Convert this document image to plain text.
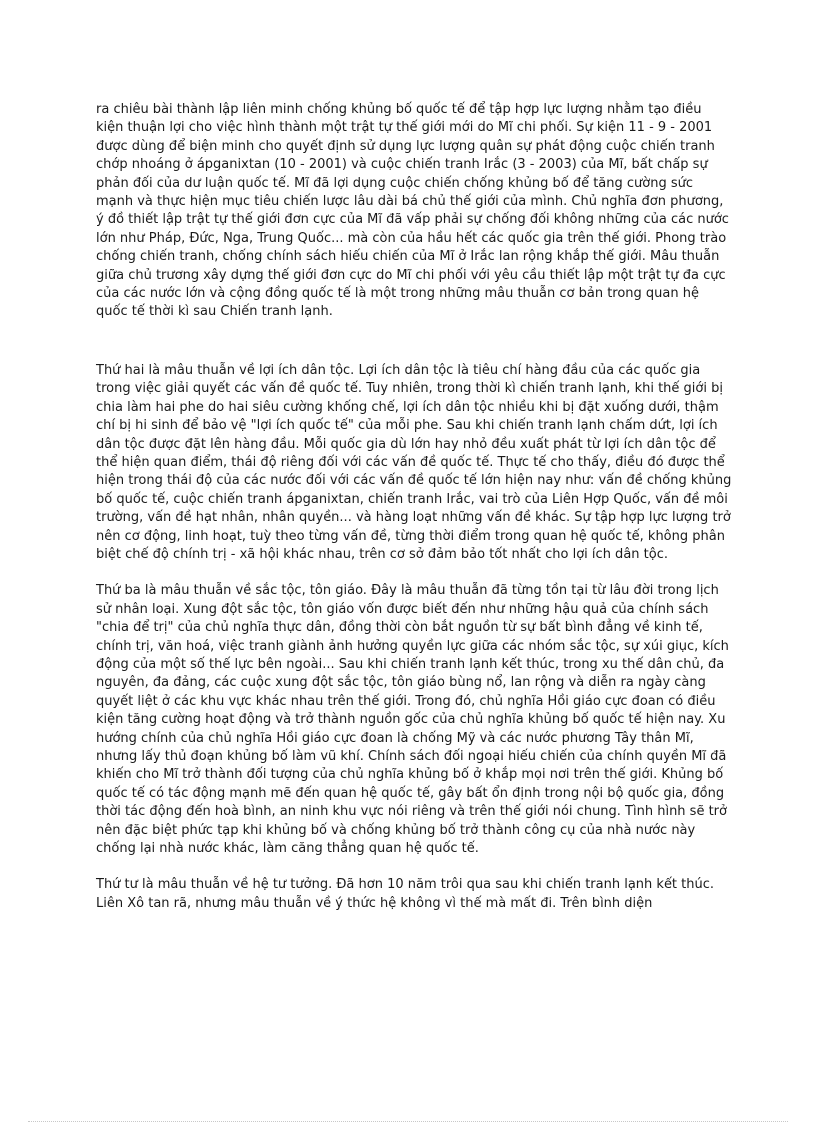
ra chiêu bài thành lập liên minh chống khủng bố quốc tế để tập hợp lực lượng nhằm tạo điều kiện thuận lợi cho việc hình thành một trật tự thế giới mới do Mĩ chi phối. Sự kiện 11 - 9 - 2001 được dùng để biện minh cho quyết định sử dụng lực lượng quân sự phát động cuộc chiến tranh chớp nhoáng ở ápganixtan (10 - 2001) và cuộc chiến tranh Irắc (3 - 2003) của Mĩ, bất chấp sự phản đối của dư luận quốc tế. Mĩ đã lợi dụng cuộc chiến chống khủng bố để tăng cường sức mạnh và thực hiện mục tiêu chiến lược lâu dài bá chủ thế giới của mình. Chủ nghĩa đơn phương, ý đồ thiết lập trật tự thế giới đơn cực của Mĩ đã vấp phải sự chống đối không những của các nước lớn như Pháp, Đức, Nga, Trung Quốc... mà còn của hầu hết các quốc gia trên thế giới. Phong trào chống chiến tranh, chống chính sách hiếu chiến của Mĩ ở Irắc lan rộng khắp thế giới. Mâu thuẫn giữa chủ trương xây dựng thế giới đơn cực do Mĩ chi phối với yêu cầu thiết lập một trật tự đa cực của các nước lớn và cộng đồng quốc tế là một trong những mâu thuẫn cơ bản trong quan hệ quốc tế thời kì sau Chiến tranh lạnh.

Thứ hai là mâu thuẫn về lợi ích dân tộc. Lợi ích dân tộc là tiêu chí hàng đầu của các quốc gia trong việc giải quyết các vấn đề quốc tế. Tuy nhiên, trong thời kì chiến tranh lạnh, khi thế giới bị chia làm hai phe do hai siêu cường khống chế, lợi ích dân tộc nhiều khi bị đặt xuống dưới, thậm chí bị hi sinh để bảo vệ "lợi ích quốc tế" của mỗi phe. Sau khi chiến tranh lạnh chấm dứt, lợi ích dân tộc được đặt lên hàng đầu. Mỗi quốc gia dù lớn hay nhỏ đều xuất phát từ lợi ích dân tộc để thể hiện quan điểm, thái độ riêng đối với các vấn đề quốc tế. Thực tế cho thấy, điều đó được thể hiện trong thái độ của các nước đối với các vấn đề quốc tế lớn hiện nay như: vấn đề chống khủng bố quốc tế, cuộc chiến tranh ápganixtan, chiến tranh Irắc, vai trò của Liên Hợp Quốc, vấn đề môi trường, vấn đề hạt nhân, nhân quyền... và hàng loạt những vấn đề khác. Sự tập hợp lực lượng trở nên cơ động, linh hoạt, tuỳ theo từng vấn đề, từng thời điểm trong quan hệ quốc tế, không phân biệt chế độ chính trị - xã hội khác nhau, trên cơ sở đảm bảo tốt nhất cho lợi ích dân tộc.

Thứ ba là mâu thuẫn về sắc tộc, tôn giáo. Đây là mâu thuẫn đã từng tồn tại từ lâu đời trong lịch sử nhân loại. Xung đột sắc tộc, tôn giáo vốn được biết đến như những hậu quả của chính sách "chia để trị" của chủ nghĩa thực dân, đồng thời còn bắt nguồn từ sự bất bình đẳng về kinh tế, chính trị, văn hoá, việc tranh giành ảnh hưởng quyền lực giữa các nhóm sắc tộc, sự xúi giục, kích động của một số thế lực bên ngoài... Sau khi chiến tranh lạnh kết thúc, trong xu thế dân chủ, đa nguyên, đa đảng, các cuộc xung đột sắc tộc, tôn giáo bùng nổ, lan rộng và diễn ra ngày càng quyết liệt ở các khu vực khác nhau trên thế giới. Trong đó, chủ nghĩa Hồi giáo cực đoan có điều kiện tăng cường hoạt động và trở thành nguồn gốc của chủ nghĩa khủng bố quốc tế hiện nay. Xu hướng chính của chủ nghĩa Hồi giáo cực đoan là chống Mỹ và các nước phương Tây thân Mĩ, nhưng lấy thủ đoạn khủng bố làm vũ khí. Chính sách đối ngoại hiếu chiến của chính quyền Mĩ đã khiến cho Mĩ trở thành đối tượng của chủ nghĩa khủng bố ở khắp mọi nơi trên thế giới. Khủng bố quốc tế có tác động mạnh mẽ đến quan hệ quốc tế, gây bất ổn định trong nội bộ quốc gia, đồng thời tác động đến hoà bình, an ninh khu vực nói riêng và trên thế giới nói chung. Tình hình sẽ trở nên đặc biệt phức tạp khi khủng bố và chống khủng bố trở thành công cụ của nhà nước này chống lại nhà nước khác, làm căng thẳng quan hệ quốc tế.

Thứ tư là mâu thuẫn về hệ tư tưởng. Đã hơn 10 năm trôi qua sau khi chiến tranh lạnh kết thúc. Liên Xô tan rã, nhưng mâu thuẫn về ý thức hệ không vì thế mà mất đi. Trên bình diện
